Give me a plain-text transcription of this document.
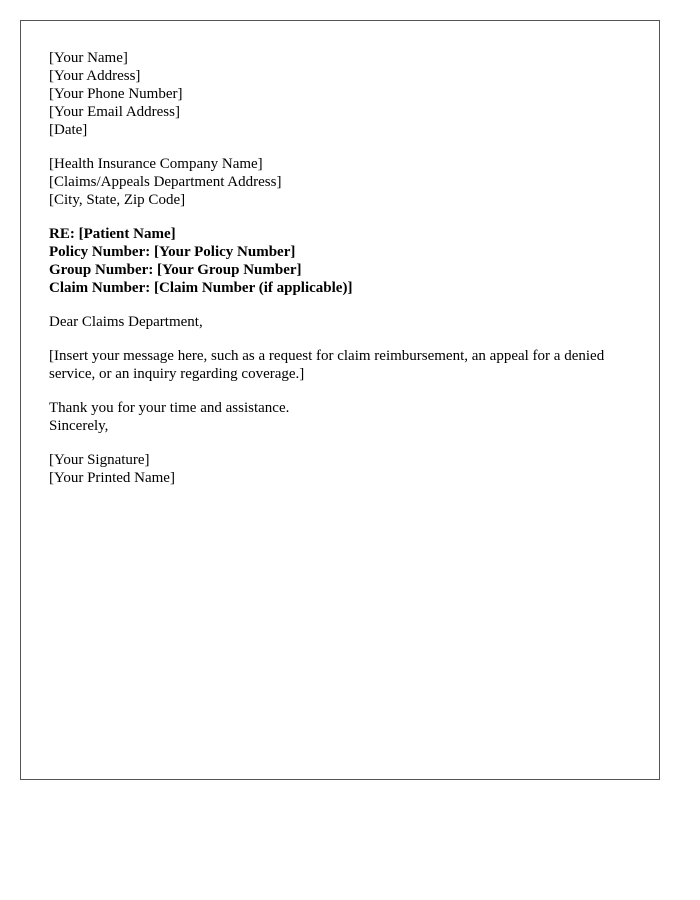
[Your Name]
[Your Address]
[Your Phone Number]
[Your Email Address]
[Date]
[Health Insurance Company Name]
[Claims/Appeals Department Address]
[City, State, Zip Code]
RE: [Patient Name]
Policy Number: [Your Policy Number]
Group Number: [Your Group Number]
Claim Number: [Claim Number (if applicable)]

Dear Claims Department,

[Insert your message here, such as a request for claim reimbursement, an appeal for a denied service, or an inquiry regarding coverage.]

Thank you for your time and assistance.
Sincerely,
[Your Signature]
[Your Printed Name]
